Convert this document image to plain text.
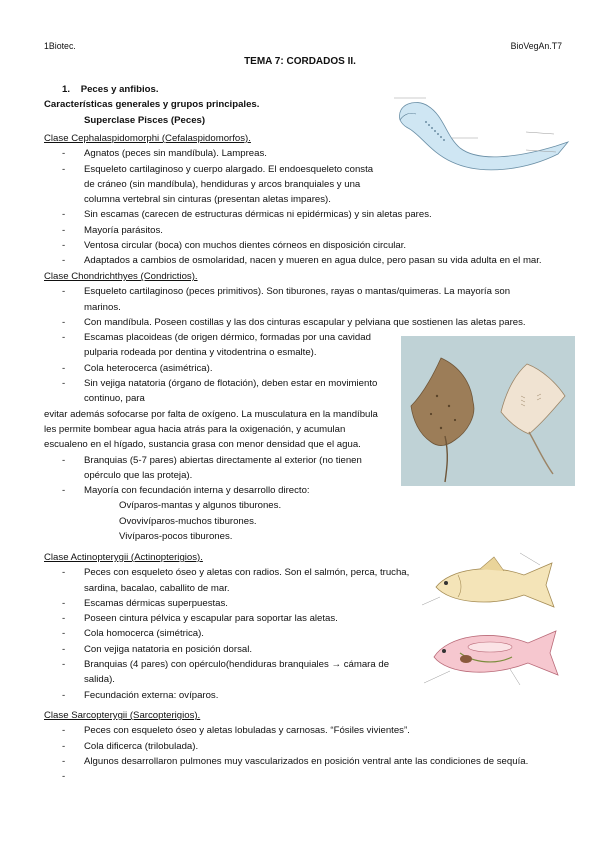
1Biotec.	BioVegAn.T7
TEMA 7: CORDADOS II.
1. Peces y anfibios.
Características generales y grupos principales.
Superclase Pisces (Peces)
Clase Cephalaspidomorphi (Cefalaspidomorfos).
- Agnatos (peces sin mandíbula). Lampreas.
- Esqueleto cartilaginoso y cuerpo alargado. El endoesqueleto consta
de cráneo (sin mandíbula), hendiduras y arcos branquiales y una
columna vertebral sin cinturas (presentan aletas impares).
- Sin escamas (carecen de estructuras dérmicas ni epidérmicas) y sin aletas pares.
- Mayoría parásitos.
- Ventosa circular (boca) con muchos dientes córneos en disposición circular.
- Adaptados a cambios de osmolaridad, nacen y mueren en agua dulce, pero pasan su vida adulta en el mar.
Clase Chondrichthyes (Condrictios).
- Esqueleto cartilaginoso (peces primitivos). Son tiburones, rayas o mantas/quimeras. La mayoría son
marinos.
- Con mandíbula. Poseen costillas y las dos cinturas escapular y pelviana que sostienen las aletas pares.
- Escamas placoideas (de origen dérmico, formadas por una cavidad
pulparia rodeada por dentina y vitodentrina o esmalte).
- Cola heterocerca (asimétrica).
- Sin vejiga natatoria (órgano de flotación), deben estar en movimiento
continuo, para
evitar además sofocarse por falta de oxígeno. La musculatura en la mandíbula
les permite bombear agua hacia atrás para la oxigenación, y acumulan
escualeno en el hígado, sustancia grasa con menor densidad que el agua.
- Branquias (5-7 pares) abiertas directamente al exterior (no tienen
opérculo que las proteja).
- Mayoría con fecundación interna y desarrollo directo:
Ovíparos-mantas y algunos tiburones.
Ovovivíparos-muchos tiburones.
Vivíparos-pocos tiburones.
Clase Actinopterygii (Actinopterigios).
- Peces con esqueleto óseo y aletas con radios. Son el salmón, perca, trucha,
sardina, bacalao, caballito de mar.
- Escamas dérmicas superpuestas.
- Poseen cintura pélvica y escapular para soportar las aletas.
- Cola homocerca (simétrica).
- Con vejiga natatoria en posición dorsal.
- Branquias (4 pares) con opérculo(hendiduras branquiales → cámara de
salida).
- Fecundación externa: ovíparos.
Clase Sarcopterygii (Sarcopterigios).
- Peces con esqueleto óseo y aletas lobuladas y carnosas. “Fósiles vivientes”.
- Cola dificerca (trilobulada).
- Algunos desarrollaron pulmones muy vascularizados en posición ventral ante las condiciones de sequía.
-
